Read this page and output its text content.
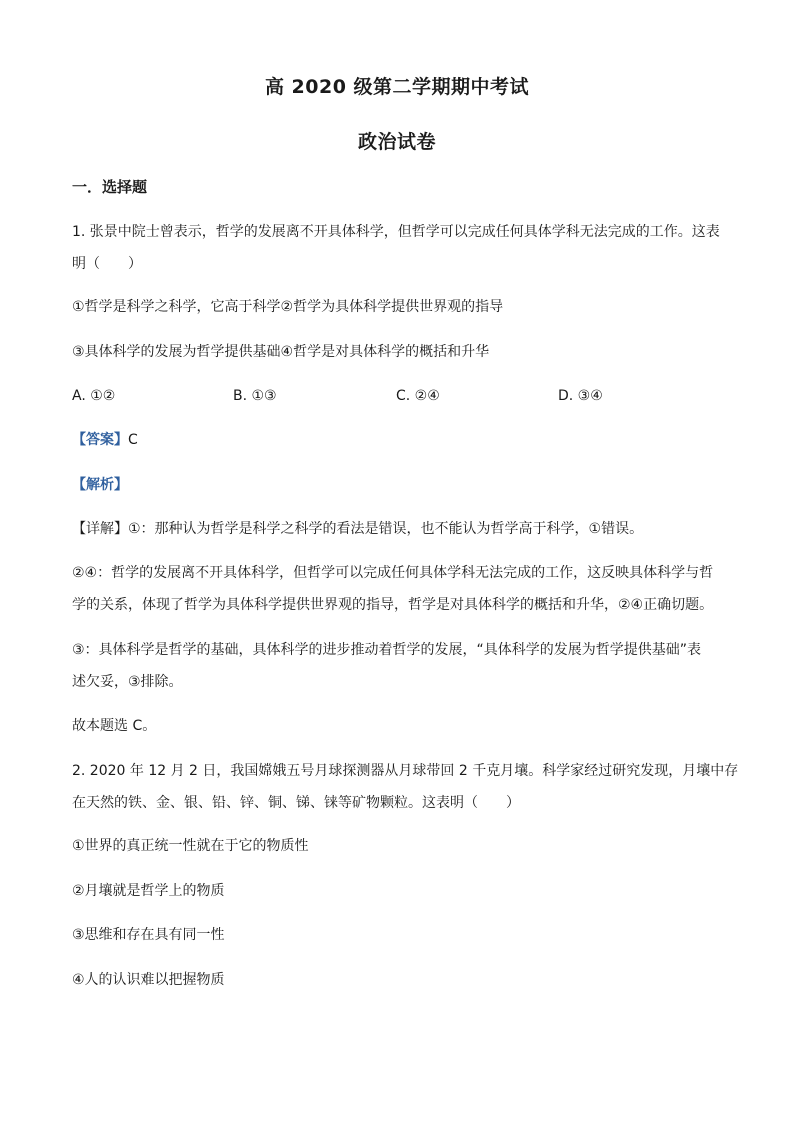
高 2020 级第二学期期中考试
政治试卷
一．选择题
1. 张景中院士曾表示，哲学的发展离不开具体科学，但哲学可以完成任何具体学科无法完成的工作。这表
明（　　）
①哲学是科学之科学，它高于科学②哲学为具体科学提供世界观的指导
③具体科学的发展为哲学提供基础④哲学是对具体科学的概括和升华
A. ①②	B. ①③	C. ②④	D. ③④
【答案】C
【解析】
【详解】①：那种认为哲学是科学之科学的看法是错误，也不能认为哲学高于科学，①错误。
②④：哲学的发展离不开具体科学，但哲学可以完成任何具体学科无法完成的工作，这反映具体科学与哲
学的关系，体现了哲学为具体科学提供世界观的指导，哲学是对具体科学的概括和升华，②④正确切题。
③：具体科学是哲学的基础，具体科学的进步推动着哲学的发展，“具体科学的发展为哲学提供基础”表
述欠妥，③排除。
故本题选 C。
2. 2020 年 12 月 2 日，我国嫦娥五号月球探测器从月球带回 2 千克月壤。科学家经过研究发现，月壤中存
在天然的铁、金、银、铅、锌、铜、锑、铼等矿物颗粒。这表明（　　）
①世界的真正统一性就在于它的物质性
②月壤就是哲学上的物质
③思维和存在具有同一性
④人的认识难以把握物质
